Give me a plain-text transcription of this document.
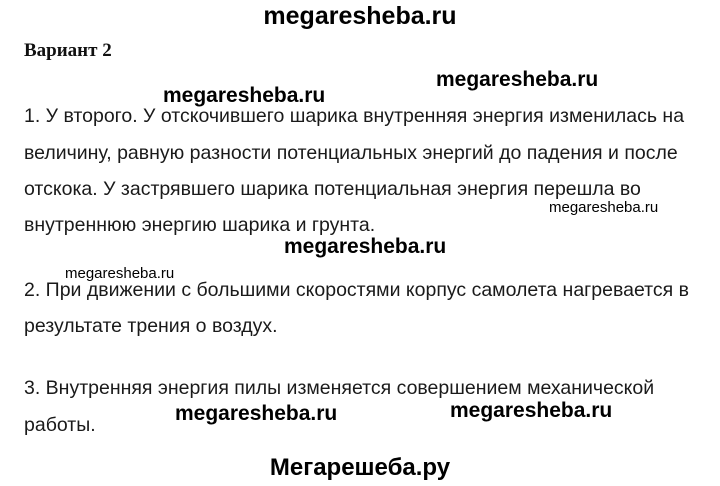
megaresheba.ru
Вариант 2
megaresheba.ru
megaresheba.ru
1. У второго. У отскочившего шарика внутренняя энергия изменилась на
величину, равную разности потенциальных энергий до падения и после
отскока. У застрявшего шарика потенциальная энергия перешла во
внутреннюю энергию шарика и грунта.
megaresheba.ru
megaresheba.ru
megaresheba.ru
2. При движении с большими скоростями корпус самолета нагревается в
результате трения о воздух.
3. Внутренняя энергия пилы изменяется совершением механической
работы.	megaresheba.ru	megaresheba.ru
Мегарешеба.ру
